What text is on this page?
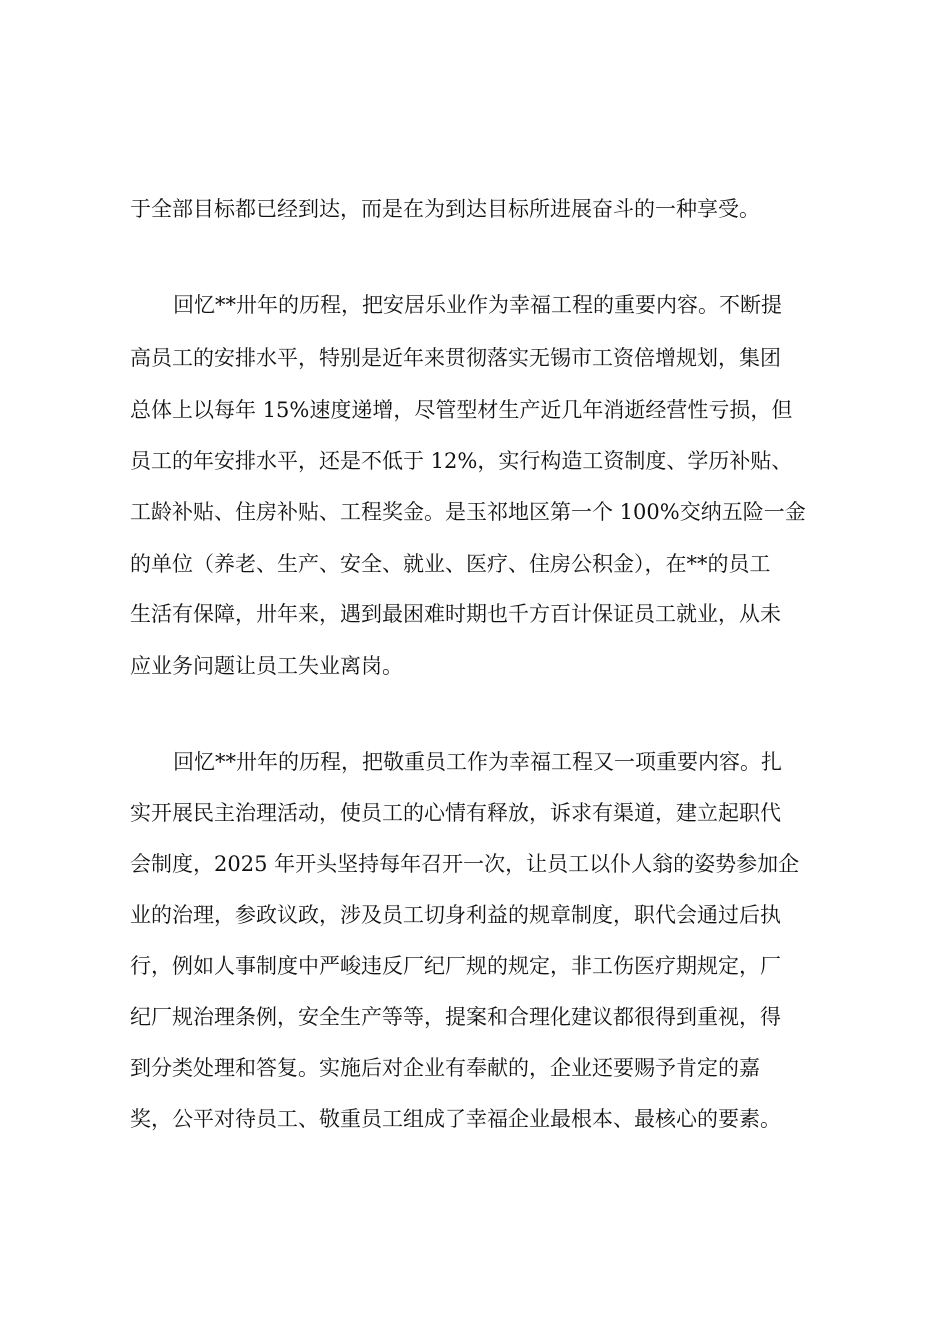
于全部目标都已经到达，而是在为到达目标所进展奋斗的一种享受。
回忆**卅年的历程，把安居乐业作为幸福工程的重要内容。不断提
高员工的安排水平，特别是近年来贯彻落实无锡市工资倍增规划，集团
总体上以每年 15%速度递增，尽管型材生产近几年消逝经营性亏损，但
员工的年安排水平，还是不低于 12%，实行构造工资制度、学历补贴、
工龄补贴、住房补贴、工程奖金。是玉祁地区第一个 100%交纳五险一金
的单位（养老、生产、安全、就业、医疗、住房公积金），在**的员工
生活有保障，卅年来，遇到最困难时期也千方百计保证员工就业，从未
应业务问题让员工失业离岗。
回忆**卅年的历程，把敬重员工作为幸福工程又一项重要内容。扎
实开展民主治理活动，使员工的心情有释放，诉求有渠道，建立起职代
会制度，2025 年开头坚持每年召开一次，让员工以仆人翁的姿势参加企
业的治理，参政议政，涉及员工切身利益的规章制度，职代会通过后执
行，例如人事制度中严峻违反厂纪厂规的规定，非工伤医疗期规定，厂
纪厂规治理条例，安全生产等等，提案和合理化建议都很得到重视，得
到分类处理和答复。实施后对企业有奉献的，企业还要赐予肯定的嘉
奖，公平对待员工、敬重员工组成了幸福企业最根本、最核心的要素。
